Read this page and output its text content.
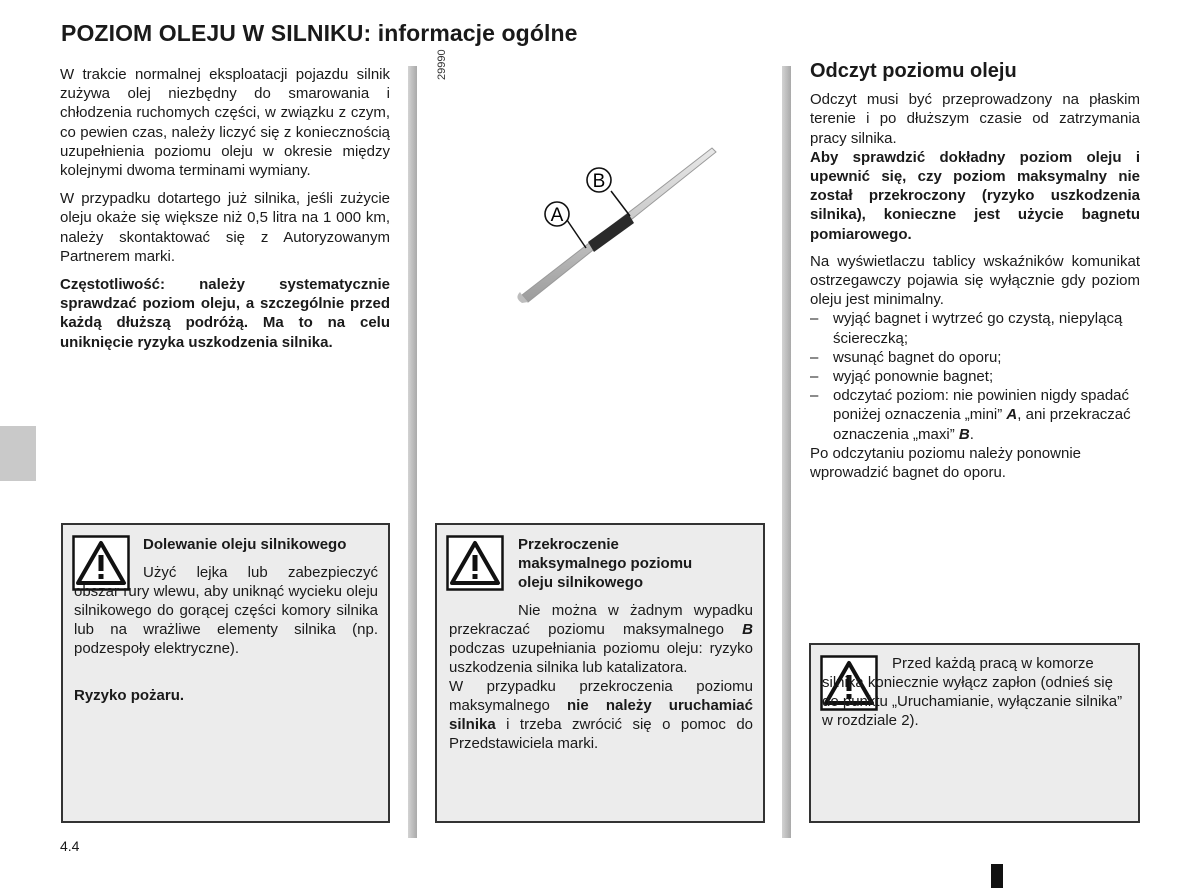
POZIOM OLEJU W SILNIKU: informacje ogólne

W trakcie normalnej eksploatacji pojazdu silnik zużywa olej niezbędny do smarowania i chłodzenia ruchomych części, w związku z czym, co pewien czas, należy liczyć się z koniecznością uzupełnienia poziomu oleju w okresie między kolejnymi dwoma terminami wymiany.

W przypadku dotartego już silnika, jeśli zużycie oleju okaże się większe niż 0,5 litra na 1 000 km, należy skontaktować się z Autoryzowanym Partnerem marki.

Częstotliwość: należy systematycznie sprawdzać poziom oleju, a szczególnie przed każdą dłuższą podróżą. Ma to na celu uniknięcie ryzyka uszkodzenia silnika.

29990
A
B
Odczyt poziomu oleju

Odczyt musi być przeprowadzony na płaskim terenie i po dłuższym czasie od zatrzymania pracy silnika.

Aby sprawdzić dokładny poziom oleju i upewnić się, czy poziom maksymalny nie został przekroczony (ryzyko uszkodzenia silnika), konieczne jest użycie bagnetu pomiarowego.

Na wyświetlaczu tablicy wskaźników komunikat ostrzegawczy pojawia się wyłącznie gdy poziom oleju jest minimalny.

– wyjąć bagnet i wytrzeć go czystą, niepylącą ściereczką;
– wsunąć bagnet do oporu;
– wyjąć ponownie bagnet;
– odczytać poziom: nie powinien nigdy spadać poniżej oznaczenia „mini” A, ani przekraczać oznaczenia „maxi” B.

Po odczytaniu poziomu należy ponownie wprowadzić bagnet do oporu.

Dolewanie oleju silnikowego
Użyć lejka lub zabezpieczyć obszar rury wlewu, aby uniknąć wycieku oleju silnikowego do gorącej części komory silnika lub na wrażliwe elementy silnika (np. podzespoły elektryczne).
Ryzyko pożaru.
Przekroczenie maksymalnego poziomu oleju silnikowego

Nie można w żadnym wypadku przekraczać poziomu maksymalnego B podczas uzupełniania poziomu oleju: ryzyko uszkodzenia silnika lub katalizatora.

W przypadku przekroczenia poziomu maksymalnego nie należy uruchamiać silnika i trzeba zwrócić się o pomoc do Przedstawiciela marki.

Przed każdą pracą w komorze silnika koniecznie wyłącz zapłon (odnieś się do punktu „Uruchamianie, wyłączanie silnika” w rozdziale 2).
4.4
